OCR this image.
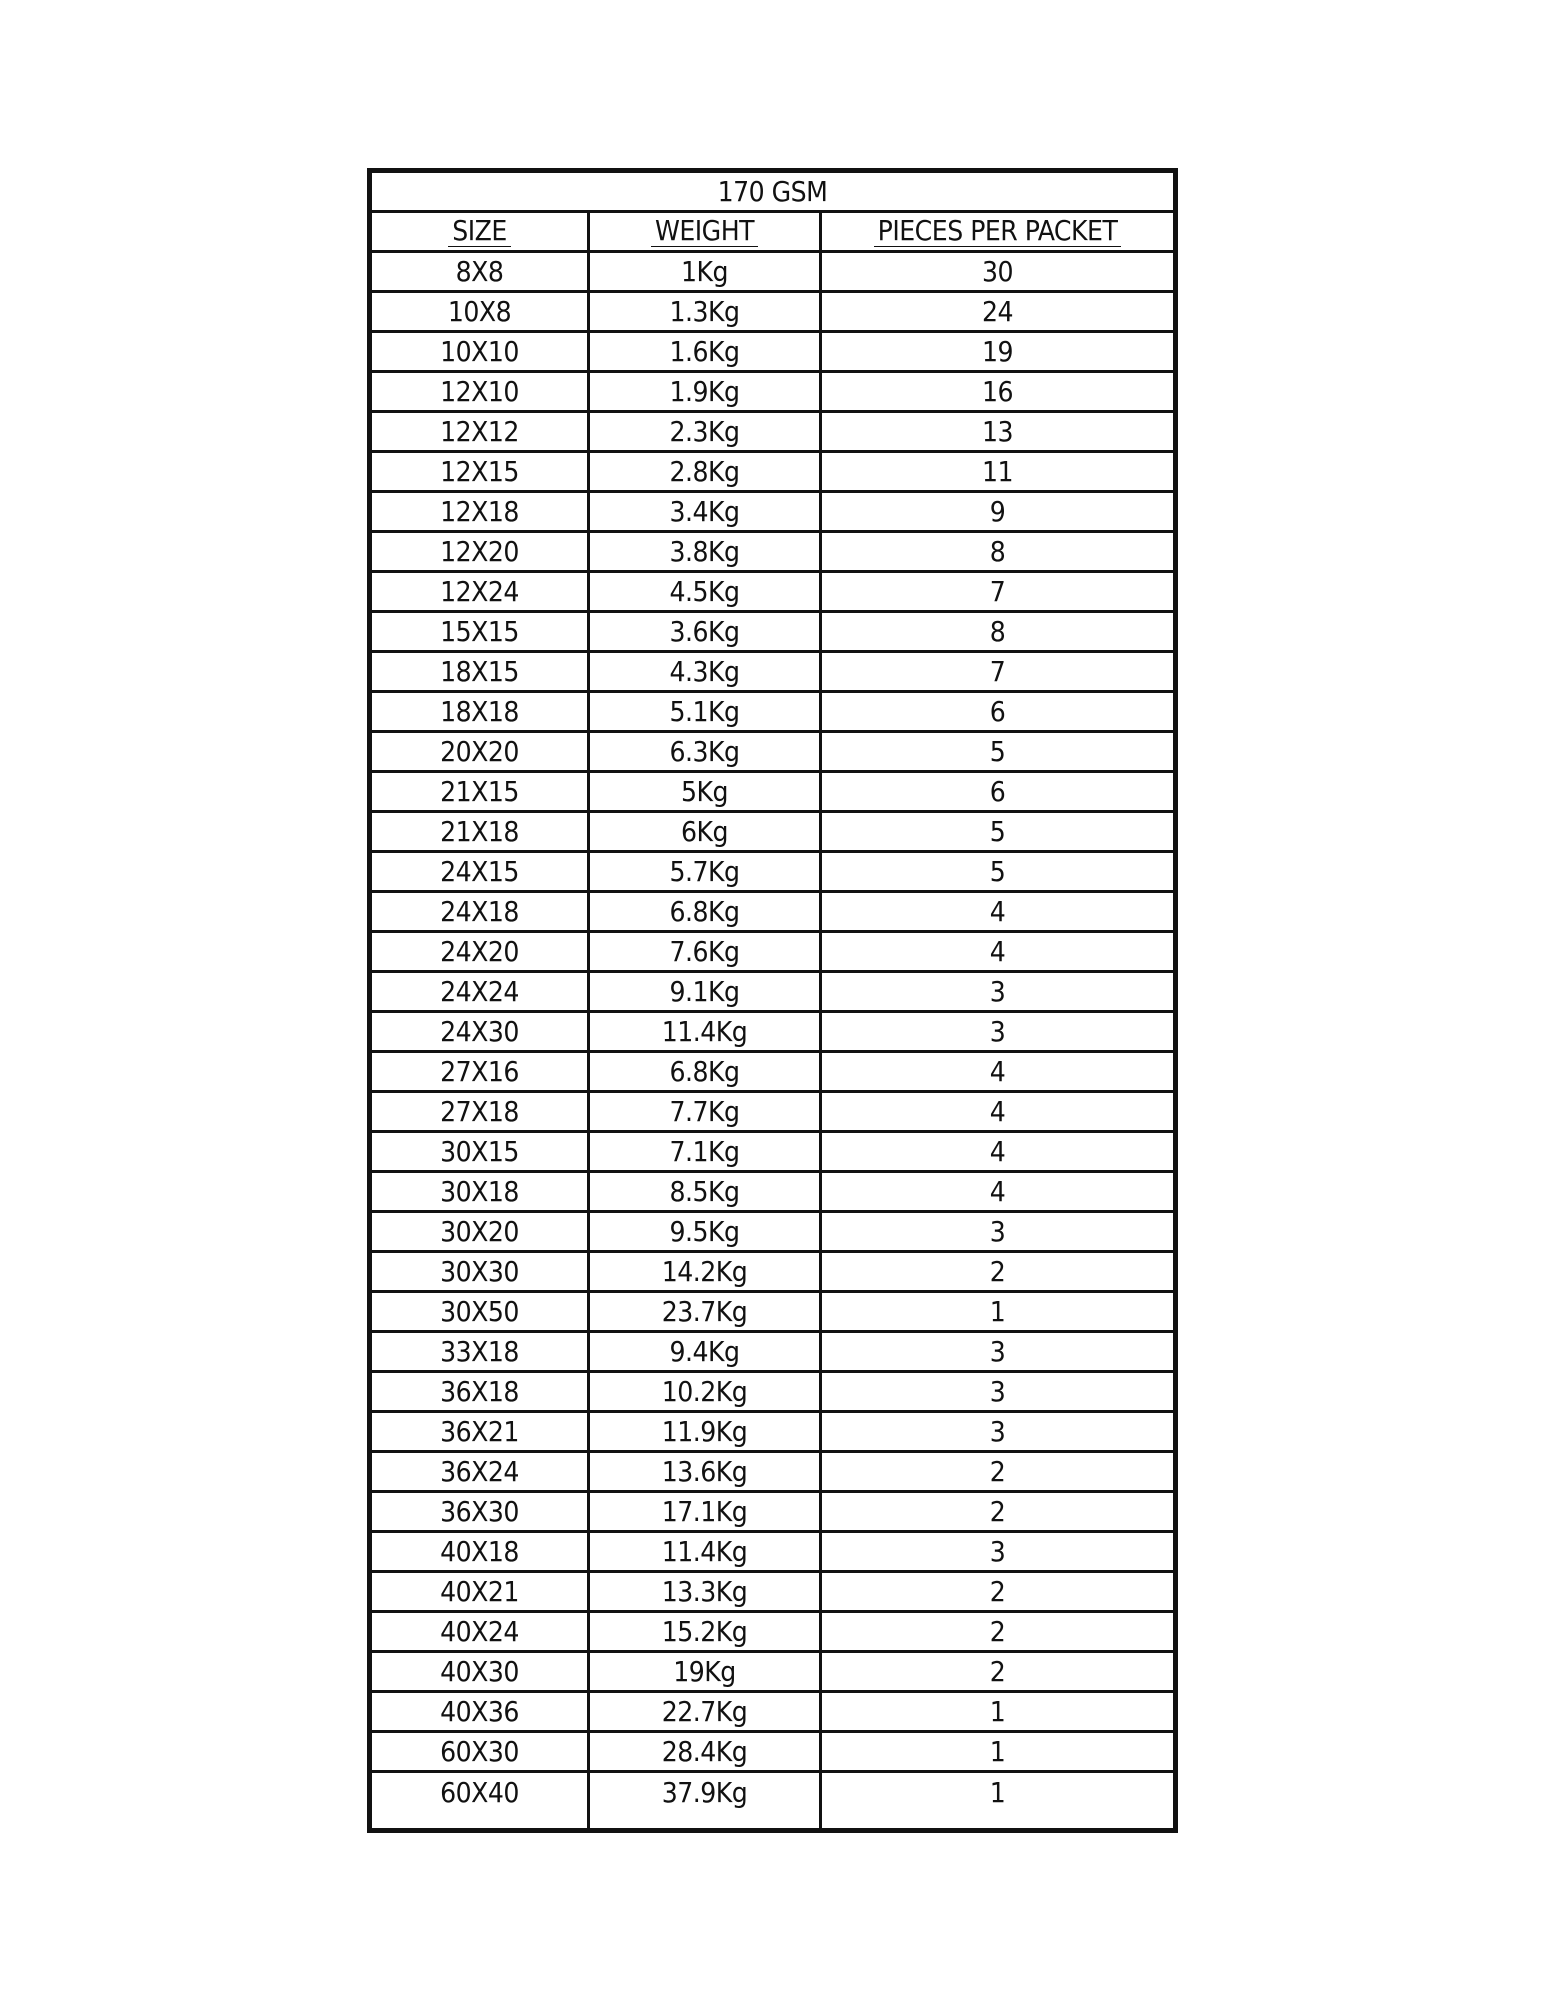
170 GSM
SIZE	WEIGHT	PIECES PER PACKET
8X8	1Kg	30
10X8	1.3Kg	24
10X10	1.6Kg	19
12X10	1.9Kg	16
12X12	2.3Kg	13
12X15	2.8Kg	11
12X18	3.4Kg	9
12X20	3.8Kg	8
12X24	4.5Kg	7
15X15	3.6Kg	8
18X15	4.3Kg	7
18X18	5.1Kg	6
20X20	6.3Kg	5
21X15	5Kg	6
21X18	6Kg	5
24X15	5.7Kg	5
24X18	6.8Kg	4
24X20	7.6Kg	4
24X24	9.1Kg	3
24X30	11.4Kg	3
27X16	6.8Kg	4
27X18	7.7Kg	4
30X15	7.1Kg	4
30X18	8.5Kg	4
30X20	9.5Kg	3
30X30	14.2Kg	2
30X50	23.7Kg	1
33X18	9.4Kg	3
36X18	10.2Kg	3
36X21	11.9Kg	3
36X24	13.6Kg	2
36X30	17.1Kg	2
40X18	11.4Kg	3
40X21	13.3Kg	2
40X24	15.2Kg	2
40X30	19Kg	2
40X36	22.7Kg	1
60X30	28.4Kg	1
60X40	37.9Kg	1
